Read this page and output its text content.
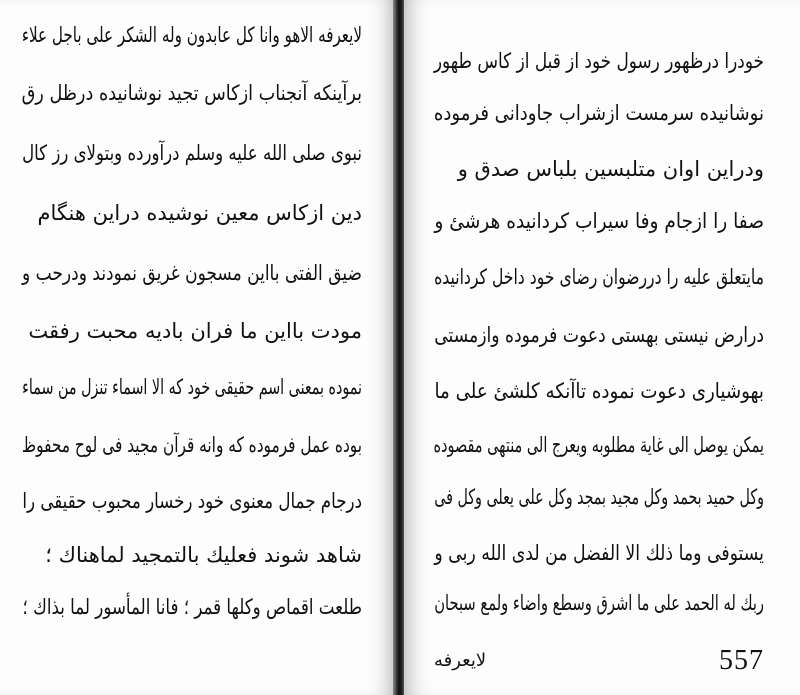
لايعرفه الاهو وانا كل عابدون وله الشكر على باجل علاء
برآينكه آنجناب ازكاس تجيد نوشانيده درظل رق
نبوى صلى الله عليه وسلم درآورده وبتولاى رز كال
دين ازكاس معين نوشيده دراين هنگام
ضيق الفتى بااين مسجون غريق نمودند ودرحب و
مودت بااين ما فران باديه محبت رفقت
نموده بمعنى اسم حقيقى خود كه الا اسماء تنزل من سماء
بوده عمل فرموده كه وانه قرآن مجيد فى لوح محفوظ
درجام جمال معنوى خود رخسار محبوب حقيقى را
شاهد شوند فعليك بالتمجيد لماهناك ؛
طلعت اقماص وكلها قمر ؛ فانا المأسور لما بذاك ؛
خودرا درظهور رسول خود از قبل از كاس طهور
نوشانيده سرمست ازشراب جاودانى فرموده
ودراين اوان متلبسين بلباس صدق و
صفا را ازجام وفا سيراب كردانيده هرشئ و
مايتعلق عليه را دررضوان رضاى خود داخل كردانيده
درارض نيستى بهستى دعوت فرموده وازمستى
بهوشيارى دعوت نموده تاآنكه كلشئ على ما
يمكن يوصل الى غاية مطلوبه ويعرج الى منتهى مقصوده
وكل حميد بحمد وكل مجيد بمجد وكل على يعلى وكل فى
يستوفى وما ذلك الا الفضل من لدى الله ربى و
ربك له الحمد على ما اشرق وسطع واضاء ولمع سبحان
لايعرفه	557
